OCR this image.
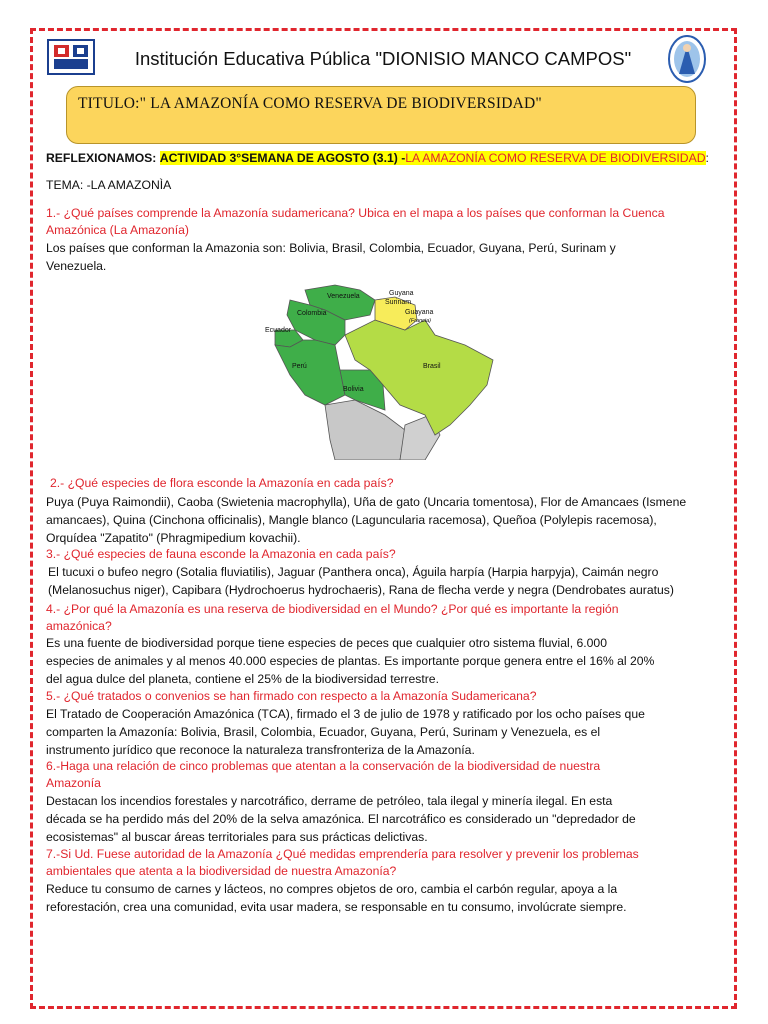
Institución Educativa Pública "DIONISIO MANCO CAMPOS"
TITULO:" LA AMAZONÍA COMO RESERVA DE BIODIVERSIDAD"
REFLEXIONAMOS: ACTIVIDAD 3°SEMANA DE AGOSTO (3.1) -LA AMAZONÍA COMO RESERVA DE BIODIVERSIDAD:
TEMA: -LA AMAZONÌA
1.- ¿Qué países comprende la Amazonía sudamericana? Ubica en el mapa a los países que conforman la Cuenca
Amazónica (La Amazonía)
Los países que conforman la Amazonia son: Bolivia, Brasil, Colombia, Ecuador, Guyana, Perú, Surinam y
Venezuela.
Venezuela	Guyana
Surinam
Guayana
(Francia)
Colombia
Ecuador
Perú
Bolivia
Brasil
2.- ¿Qué especies de flora esconde la Amazonía en cada país?
Puya (Puya Raimondii), Caoba (Swietenia macrophylla), Uña de gato (Uncaria tomentosa), Flor de Amancaes (Ismene
amancaes), Quina (Cinchona officinalis), Mangle blanco (Laguncularia racemosa), Queñoa (Polylepis racemosa),
Orquídea "Zapatito" (Phragmipedium kovachii).
3.- ¿Qué especies de fauna esconde la Amazonia en cada país?
El tucuxi o bufeo negro (Sotalia fluviatilis), Jaguar (Panthera onca), Águila harpía (Harpia harpyja), Caimán negro
(Melanosuchus niger), Capibara (Hydrochoerus hydrochaeris), Rana de flecha verde y negra (Dendrobates auratus)
4.- ¿Por qué la Amazonía es una reserva de biodiversidad en el Mundo? ¿Por qué es importante la región
amazónica?
Es una fuente de biodiversidad porque tiene especies de peces que cualquier otro sistema fluvial, 6.000
especies de animales y al menos 40.000 especies de plantas. Es importante porque genera entre el 16% al 20%
del agua dulce del planeta, contiene el 25% de la biodiversidad terrestre.
5.- ¿Qué tratados o convenios se han firmado con respecto a la Amazonía Sudamericana?
El Tratado de Cooperación Amazónica (TCA), firmado el 3 de julio de 1978 y ratificado por los ocho países que
comparten la Amazonía: Bolivia, Brasil, Colombia, Ecuador, Guyana, Perú, Surinam y Venezuela, es el
instrumento jurídico que reconoce la naturaleza transfronteriza de la Amazonía.
6.-Haga una relación de cinco problemas que atentan a la conservación de la biodiversidad de nuestra
Amazonía
Destacan los incendios forestales y narcotráfico, derrame de petróleo, tala ilegal y minería ilegal. En esta
década se ha perdido más del 20% de la selva amazónica. El narcotráfico es considerado un "depredador de
ecosistemas" al buscar áreas territoriales para sus prácticas delictivas.
7.-Si Ud. Fuese autoridad de la Amazonía ¿Qué medidas emprendería para resolver y prevenir los problemas
ambientales que atenta a la biodiversidad de nuestra Amazonía?
Reduce tu consumo de carnes y lácteos, no compres objetos de oro, cambia el carbón regular, apoya a la
reforestación, crea una comunidad, evita usar madera, se responsable en tu consumo, involúcrate siempre.
